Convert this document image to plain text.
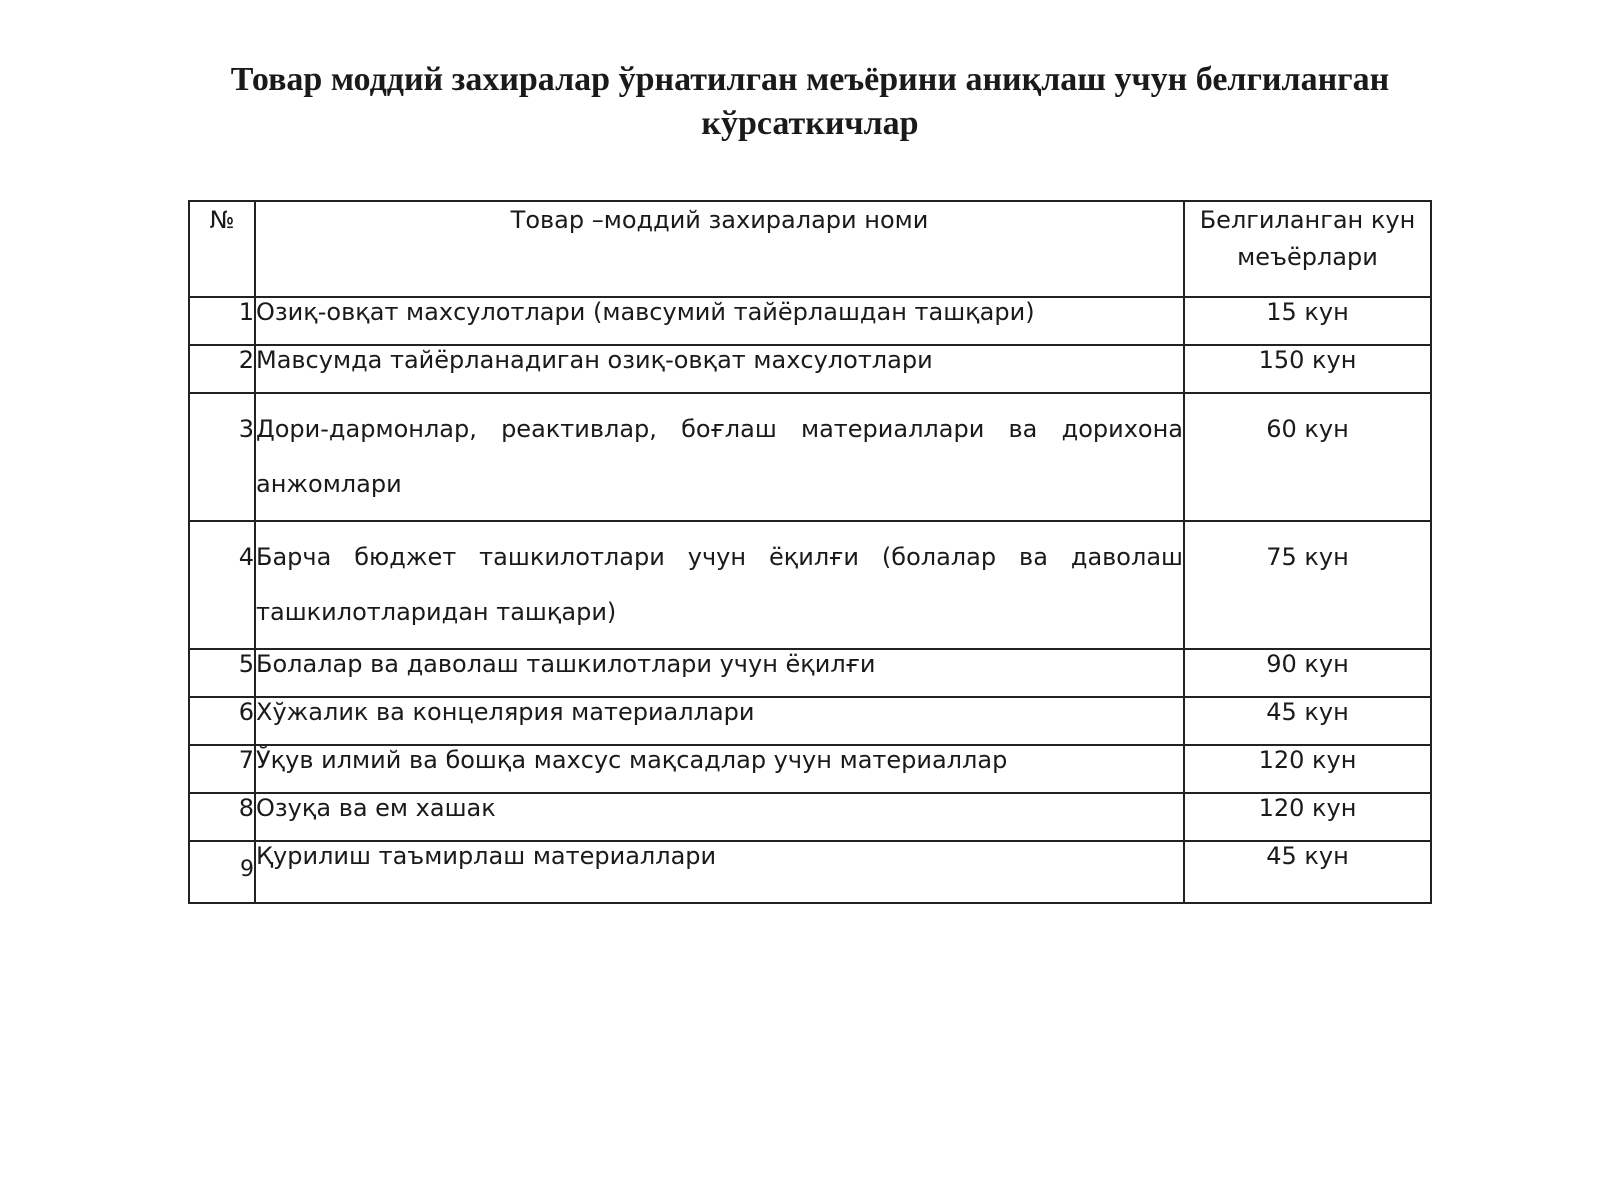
Товар моддий захиралар ўрнатилган меъёрини аниқлаш учун белгиланган
кўрсаткичлар
№	Товар –моддий захиралари номи	Белгиланган кун меъёрлари
1	Озиқ-овқат махсулотлари (мавсумий тайёрлашдан ташқари)	15 кун
2	Мавсумда тайёрланадиган озиқ-овқат махсулотлари	150 кун
3	Дори-дармонлар, реактивлар, боғлаш материаллари ва дорихона анжомлари	60 кун
4	Барча бюджет ташкилотлари учун ёқилғи (болалар ва даволаш ташкилотларидан ташқари)	75 кун
5	Болалар ва даволаш ташкилотлари учун ёқилғи	90 кун
6	Хўжалик ва концелярия материаллари	45 кун
7	Ўқув илмий ва бошқа махсус мақсадлар учун материаллар	120 кун
8	Озуқа ва ем хашак	120 кун
9	Қурилиш таъмирлаш материаллари	45 кун
